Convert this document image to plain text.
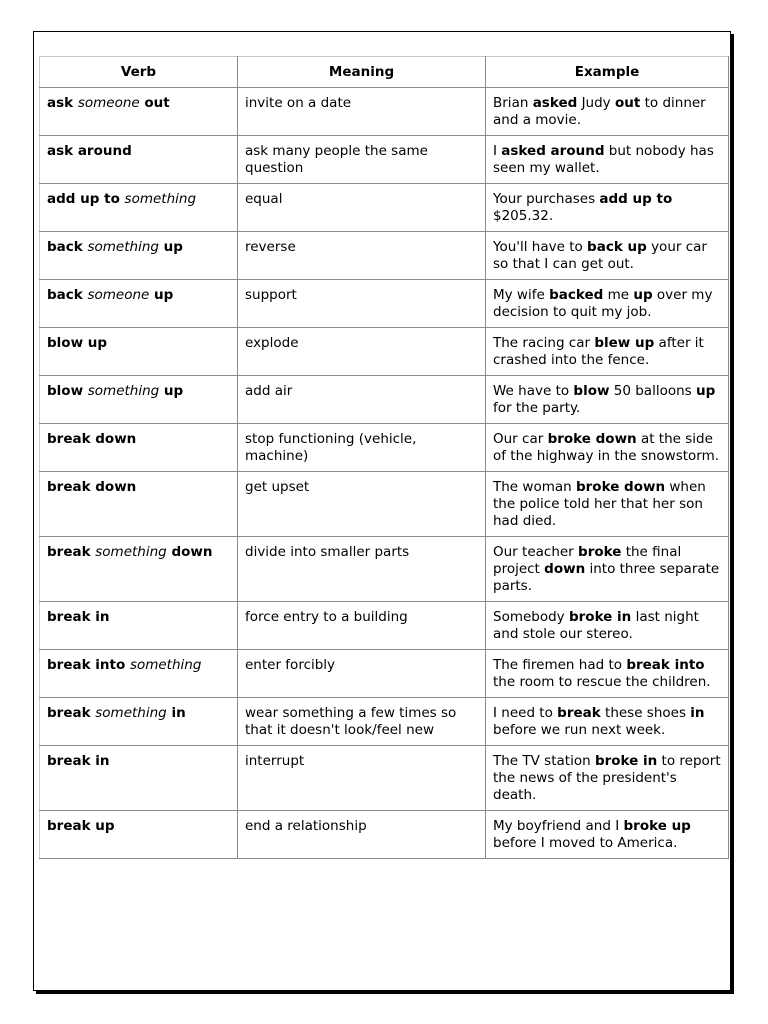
Verb	Meaning	Example
ask someone out	invite on a date	Brian asked Judy out to dinner and a movie.
ask around	ask many people the same question	I asked around but nobody has seen my wallet.
add up to something	equal	Your purchases add up to $205.32.
back something up	reverse	You'll have to back up your car so that I can get out.
back someone up	support	My wife backed me up over my decision to quit my job.
blow up	explode	The racing car blew up after it crashed into the fence.
blow something up	add air	We have to blow 50 balloons up for the party.
break down	stop functioning (vehicle, machine)	Our car broke down at the side of the highway in the snowstorm.
break down	get upset	The woman broke down when the police told her that her son had died.
break something down	divide into smaller parts	Our teacher broke the final project down into three separate parts.
break in	force entry to a building	Somebody broke in last night and stole our stereo.
break into something	enter forcibly	The firemen had to break into the room to rescue the children.
break something in	wear something a few times so that it doesn't look/feel new	I need to break these shoes in before we run next week.
break in	interrupt	The TV station broke in to report the news of the president's death.
break up	end a relationship	My boyfriend and I broke up before I moved to America.
